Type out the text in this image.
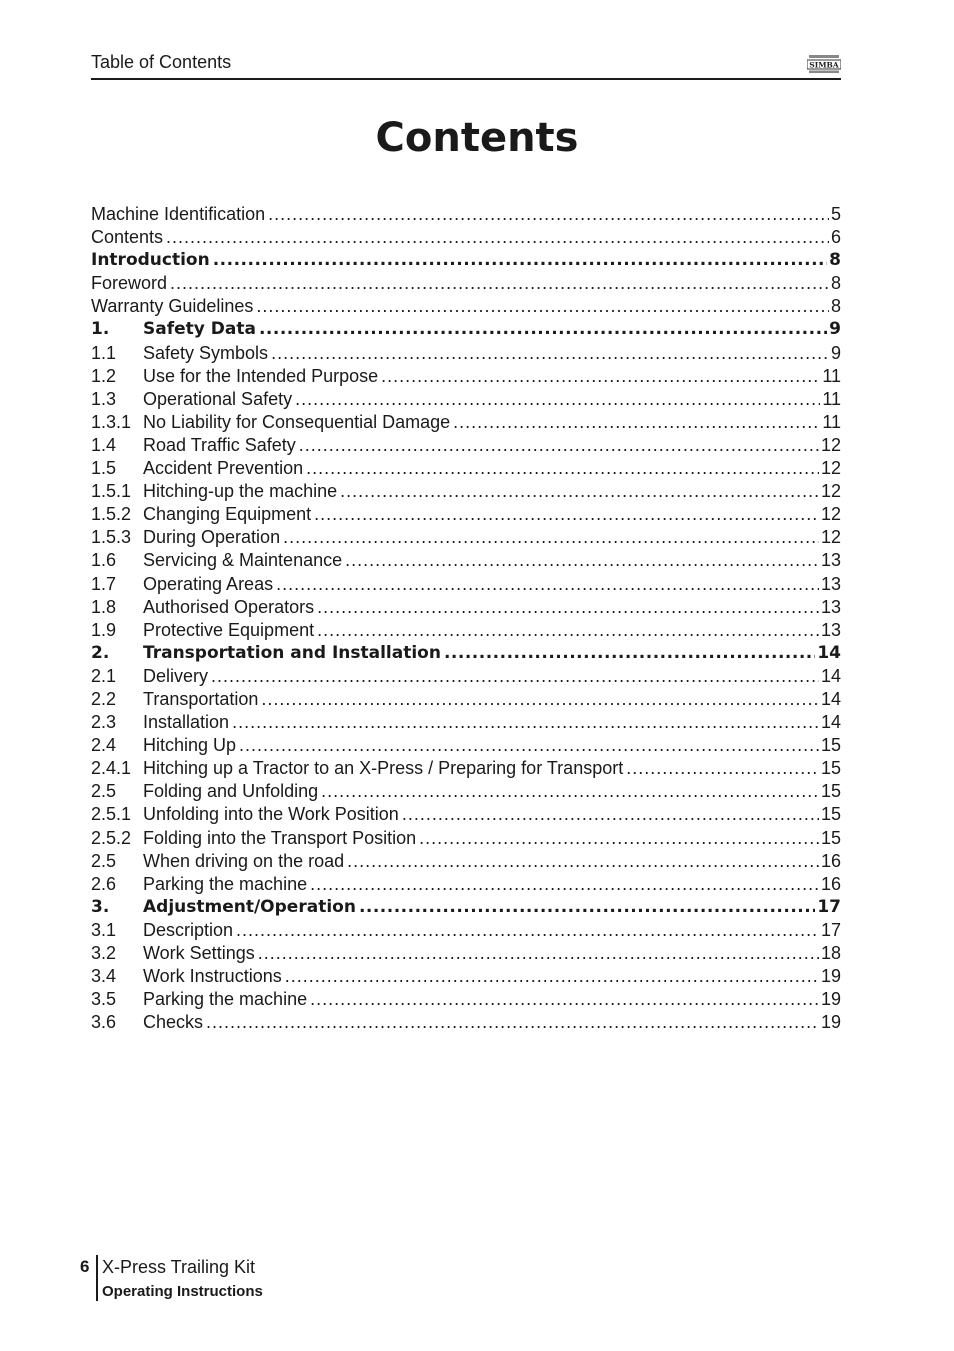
Table of Contents	SIMBA
Contents
Machine Identification .....	5
Contents .....	6
Introduction .....	8
Foreword .....	8
Warranty Guidelines .....	8
1.	Safety Data .....	9
1.1	Safety Symbols .....	9
1.2	Use for the Intended Purpose .....	11
1.3	Operational Safety .....	11
1.3.1 No Liability for Consequential Damage .....	11
1.4	Road Traffic Safety .....	12
1.5	Accident Prevention .....	12
1.5.1 Hitching-up the machine .....	12
1.5.2 Changing Equipment .....	12
1.5.3 During Operation .....	12
1.6	Servicing & Maintenance .....	13
1.7	Operating Areas .....	13
1.8	Authorised Operators .....	13
1.9	Protective Equipment .....	13
2.	Transportation and Installation .....	14
2.1	Delivery .....	14
2.2	Transportation .....	14
2.3	Installation .....	14
2.4	Hitching Up .....	15
2.4.1 Hitching up a Tractor to an X-Press / Preparing for Transport .....	15
2.5	Folding and Unfolding .....	15
2.5.1 Unfolding into the Work Position .....	15
2.5.2 Folding into the Transport Position .....	15
2.5	When driving on the road .....	16
2.6	Parking the machine .....	16
3.	Adjustment/Operation .....	17
3.1	Description .....	17
3.2	Work Settings .....	18
3.4	Work Instructions .....	19
3.5	Parking the machine .....	19
3.6	Checks .....	19
6 X-Press Trailing Kit
Operating Instructions
